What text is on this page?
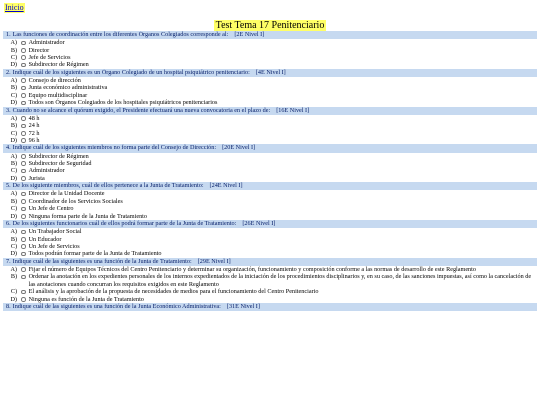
Inicio
Test Tema 17 Penitenciario
1. Las funciones de coordinación entre los diferentes Órganos Colegiados corresponde al: [2E Nivel I]
A) Administrador
B) Director
C) Jefe de Servicios
D) Subdirector de Régimen
2. Indique cuál de los siguientes es un Órgano Colegiado de un hospital psiquiátrico penitenciario: [4E Nivel I]
A) Consejo de dirección
B) Junta económico administrativa
C) Equipo multidisciplinar
D) Todos son Órganos Colegiados de los hospitales psiquiátricos penitenciarios
3. Cuando no se alcance el quórum exigido, el Presidente efectuará una nueva convocatoria en el plazo de: [16E Nivel I]
A) 48 h
B) 24 h
C) 72 h
D) 96 h
4. Indique cuál de los siguientes miembros no forma parte del Consejo de Dirección: [20E Nivel I]
A) Subdirector de Régimen
B) Subdirector de Seguridad
C) Administrador
D) Jurista
5. De los siguiente miembros, cuál de ellos pertenece a la Junta de Tratamiento: [24E Nivel I]
A) Director de la Unidad Docente
B) Coordinador de los Servicios Sociales
C) Un Jefe de Centro
D) Ninguna forma parte de la Junta de Tratamiento
6. De los siguientes funcionarios cuál de ellos podrá formar parte de la Junta de Tratamiento: [26E Nivel I]
A) Un Trabajador Social
B) Un Educador
C) Un Jefe de Servicios
D) Todos podrán formar parte de la Junta de Tratamiento
7. Indique cuál de las siguientes es una función de la Junta de Tratamiento: [29E Nivel I]
A) Fijar el número de Equipos Técnicos del Centro Penitenciario y determinar su organización, funcionamiento y composición conforme a las normas de desarrollo de este Reglamento
B) Ordenar la anotación en los expedientes personales de los internos expedientados de la iniciación de los procedimientos disciplinarios y, en su caso, de las sanciones impuestas, así como la cancelación de las anotaciones cuando concurran los requisitos exigidos en este Reglamento
C) El análisis y la aprobación de la propuesta de necesidades de medios para el funcionamiento del Centro Penitenciario
D) Ninguna es función de la Junta de Tratamiento
8. Indique cuál de las siguientes es una función de la Junta Económico Administrativa: [31E Nivel I]
